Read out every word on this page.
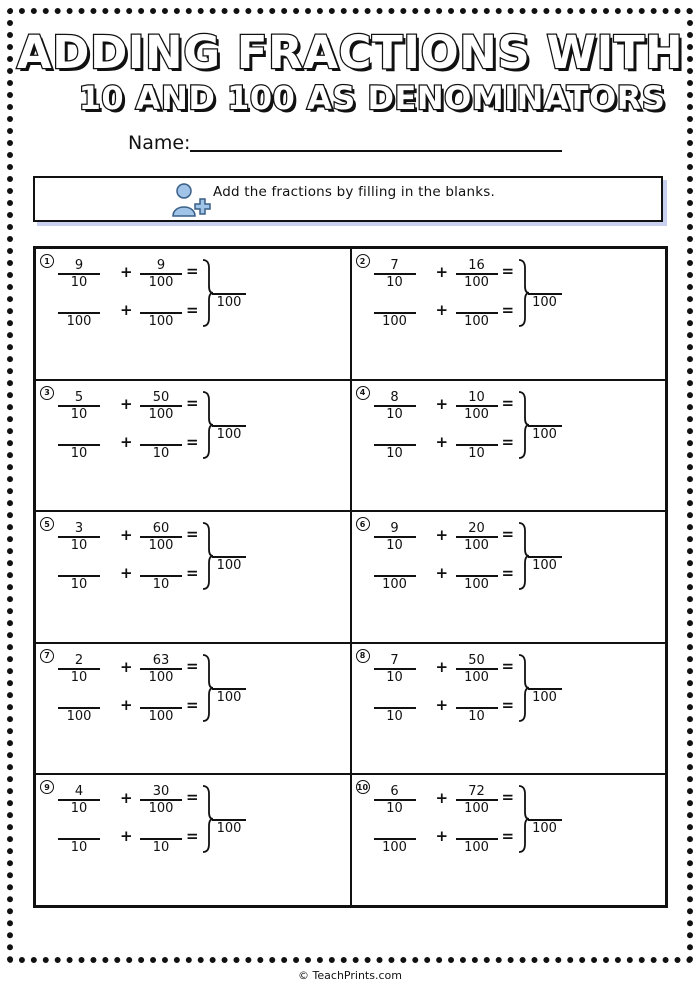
ADDING FRACTIONS WITH
10 AND 100 AS DENOMINATORS
Name:
Add the fractions by filling in the blanks.
$1 \frac{9}{10} + \frac{9}{100}$ =
100
+
100
=	100
$2 \frac{7}{10} + \frac{16}{100}$ =
100
+
100
=	100
$3 \frac{5}{10} + \frac{50}{100}$ =
10
+
10
=	100
$4 \frac{8}{10} + \frac{10}{100}$ =
10
+
10
=	100
$5 \frac{3}{10} + \frac{60}{100}$ =
10
+
10
=	100
$6 \frac{9}{10} + \frac{20}{100}$ =
100
+
100
=	100
$7 \frac{2}{10} + \frac{63}{100}$ =
100
+
100
=	100
$8 \frac{7}{10} + \frac{50}{100}$ =
10
+
10
=	100
$9 \frac{4}{10} + \frac{30}{100}$ =
10
+
10
=	100
$10 \frac{6}{10} + \frac{72}{100}$ =
100
+
100
=	100
© TeachPrints.com
